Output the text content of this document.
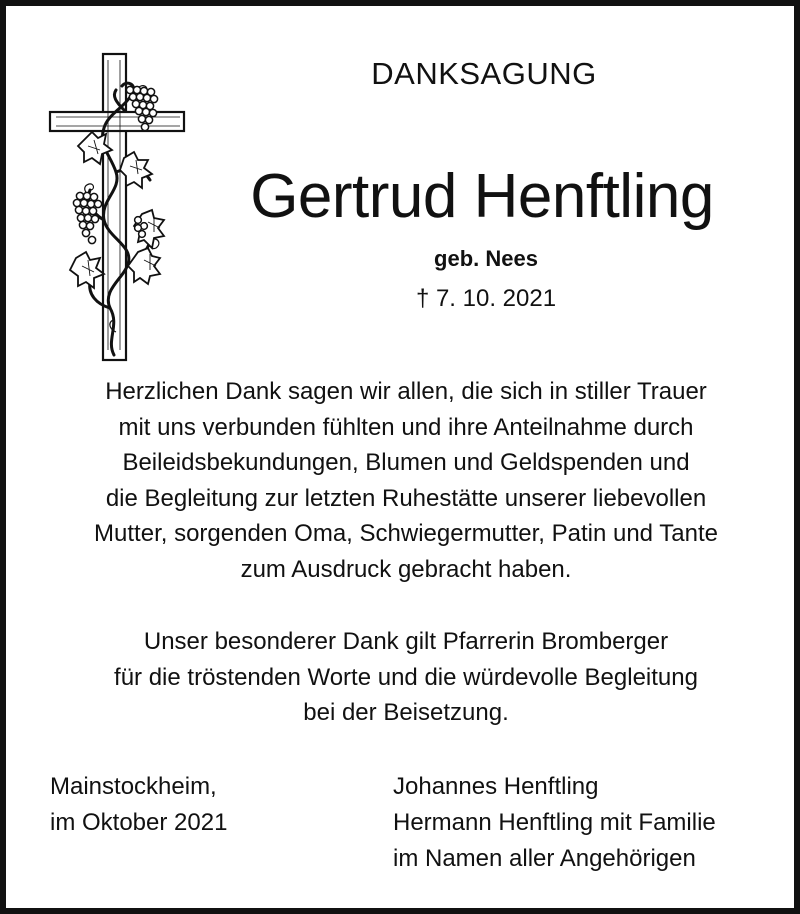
DANKSAGUNG
Gertrud Henftling
geb. Nees
† 7. 10. 2021
Herzlichen Dank sagen wir allen, die sich in stiller Trauer
mit uns verbunden fühlten und ihre Anteilnahme durch
Beileidsbekundungen, Blumen und Geldspenden und
die Begleitung zur letzten Ruhestätte unserer liebevollen
Mutter, sorgenden Oma, Schwiegermutter, Patin und Tante
zum Ausdruck gebracht haben.
Unser besonderer Dank gilt Pfarrerin Bromberger
für die tröstenden Worte und die würdevolle Begleitung
bei der Beisetzung.
Mainstockheim,
im Oktober 2021
Johannes Henftling
Hermann Henftling mit Familie
im Namen aller Angehörigen
